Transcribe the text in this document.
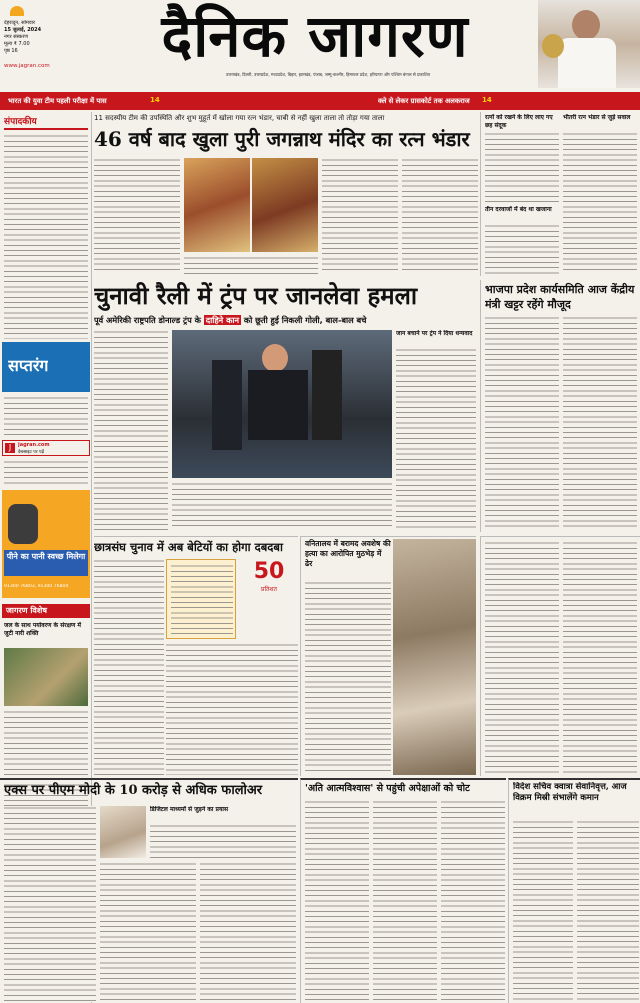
देहरादून, सोमवार
15 जुलाई, 2024
नगर संस्करण
मूल्य ₹ 7.00
पृष्ठ 16
www.jagran.com	दैनिक जागरण
उत्तराखंड, दिल्ली, उत्तरप्रदेश, मध्यप्रदेश, बिहार, झारखंड, पंजाब, जम्मू-कश्मीर, हिमाचल प्रदेश, हरियाणा और पश्चिम बंगाल से प्रकाशित
भारत की युवा टीम पहली परीक्षा में पास	14	क्ले से लेकर ग्रासकोर्ट तक अलकराज 14
संपादकीय
सप्तरंग
J	jagran.com
वेबसाइट पर पढ़ें
पीने का पानी स्वच्छ मिलेगा
91300 76803, 91300 76804
जागरण विशेष
जल के साथ पर्यावरण के संरक्षण में जुटी नारी शक्ति
11 सदस्यीय टीम की उपस्थिति और शुभ मुहूर्त में खोला गया रत्न भंडार, चाबी से नहीं खुला ताला तो तोड़ा गया ताला
46 वर्ष बाद खुला पुरी जगन्नाथ मंदिर का रत्न भंडार
रत्नों को रखने के लिए लाए गए छह संदूक
तीन दरवाजों में बंद था खजाना
भीतरी रत्न भंडार से जुड़े सवाल
चुनावी रैली में ट्रंप पर जानलेवा हमला
पूर्व अमेरिकी राष्ट्रपति डोनाल्ड ट्रंप के दाहिने कान को छूती हुई निकली गोली, बाल-बाल बचे
जान बचाने पर ट्रंप ने दिया धन्यवाद
भाजपा प्रदेश कार्यसमिति आज केंद्रीय मंत्री खट्टर रहेंगे मौजूद
छात्रसंघ चुनाव में अब बेटियों का होगा दबदबा
50
प्रतिशत
वनितालय में बरामद अवशेष की हत्या का आरोपित मुठभेड़ में ढेर
एक्स पर पीएम मोदी के 10 करोड़ से अधिक फालोअर
डिजिटल माध्यमों से जुड़ने का प्रयास
'अति आत्मविश्वास' से पहुंची अपेक्षाओं को चोट	विदेश सचिव क्वात्रा सेवानिवृत्त, आज विक्रम मिस्री संभालेंगे कमान
